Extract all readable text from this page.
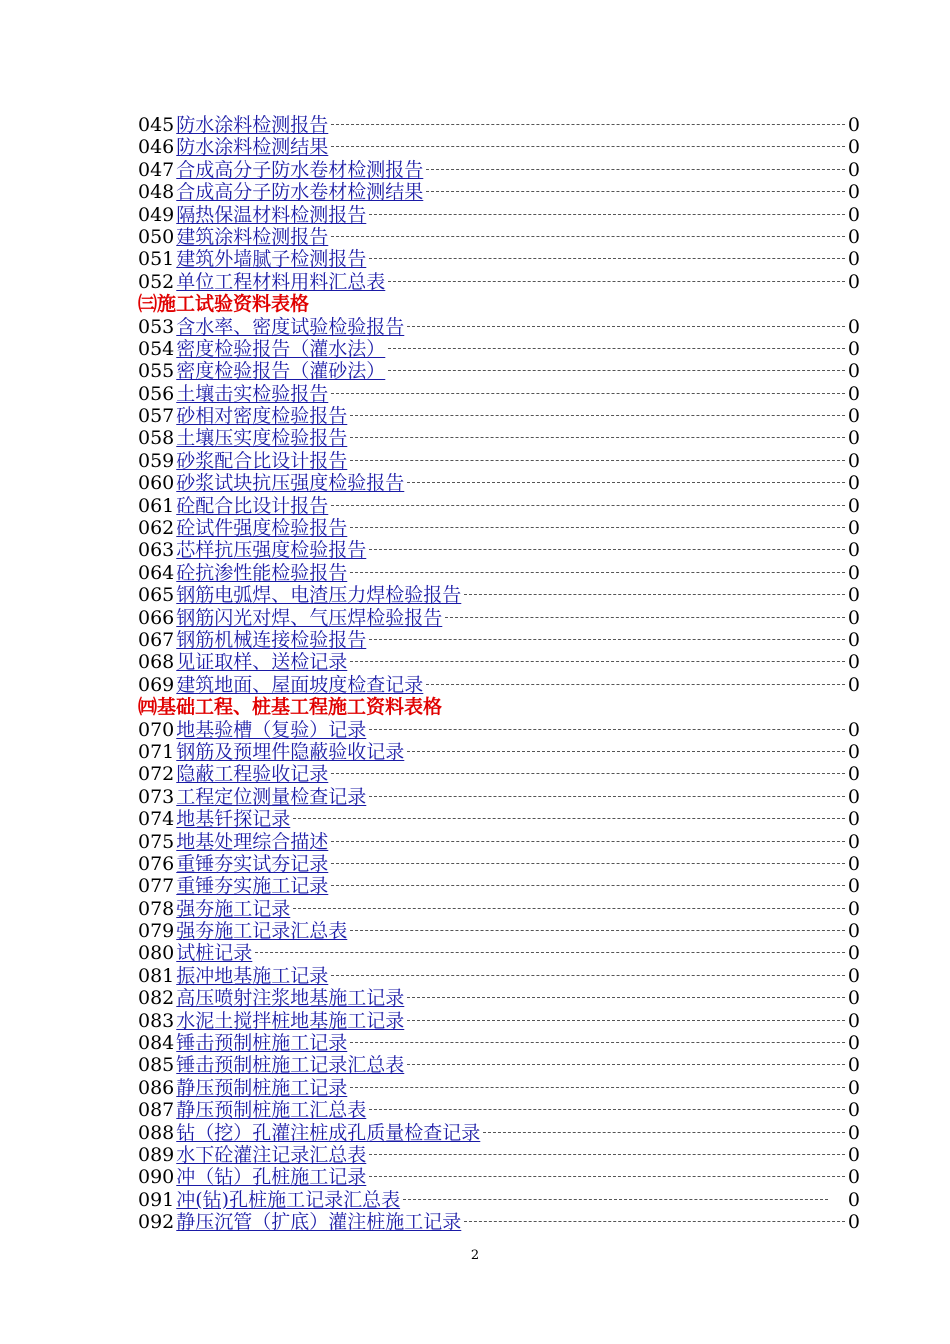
045 防水涂料检测报告	0
046 防水涂料检测结果	0
047 合成高分子防水卷材检测报告	0
048 合成高分子防水卷材检测结果	0
049 隔热保温材料检测报告	0
050 建筑涂料检测报告	0
051 建筑外墙腻子检测报告	0
052 单位工程材料用料汇总表	0
㈢施工试验资料表格
053 含水率、密度试验检验报告	0
054 密度检验报告（灌水法）	0
055 密度检验报告（灌砂法）	0
056 土壤击实检验报告	0
057 砂相对密度检验报告	0
058 土壤压实度检验报告	0
059 砂浆配合比设计报告	0
060 砂浆试块抗压强度检验报告	0
061 砼配合比设计报告	0
062 砼试件强度检验报告	0
063 芯样抗压强度检验报告	0
064 砼抗渗性能检验报告	0
065 钢筋电弧焊、电渣压力焊检验报告	0
066 钢筋闪光对焊、气压焊检验报告	0
067 钢筋机械连接检验报告	0
068 见证取样、送检记录	0
069 建筑地面、屋面坡度检查记录	0
㈣基础工程、桩基工程施工资料表格
070 地基验槽（复验）记录	0
071 钢筋及预埋件隐蔽验收记录	0
072 隐蔽工程验收记录	0
073 工程定位测量检查记录	0
074 地基钎探记录	0
075 地基处理综合描述	0
076 重锤夯实试夯记录	0
077 重锤夯实施工记录	0
078 强夯施工记录	0
079 强夯施工记录汇总表	0
080 试桩记录	0
081 振冲地基施工记录	0
082 高压喷射注浆地基施工记录	0
083 水泥土搅拌桩地基施工记录	0
084 锤击预制桩施工记录	0
085 锤击预制桩施工记录汇总表	0
086 静压预制桩施工记录	0
087 静压预制桩施工汇总表	0
088 钻（挖）孔灌注桩成孔质量检查记录	0
089 水下砼灌注记录汇总表	0
090 冲（钻）孔桩施工记录	0
091 冲(钻)孔桩施工记录汇总表	0
092 静压沉管（扩底）灌注桩施工记录	0
2
